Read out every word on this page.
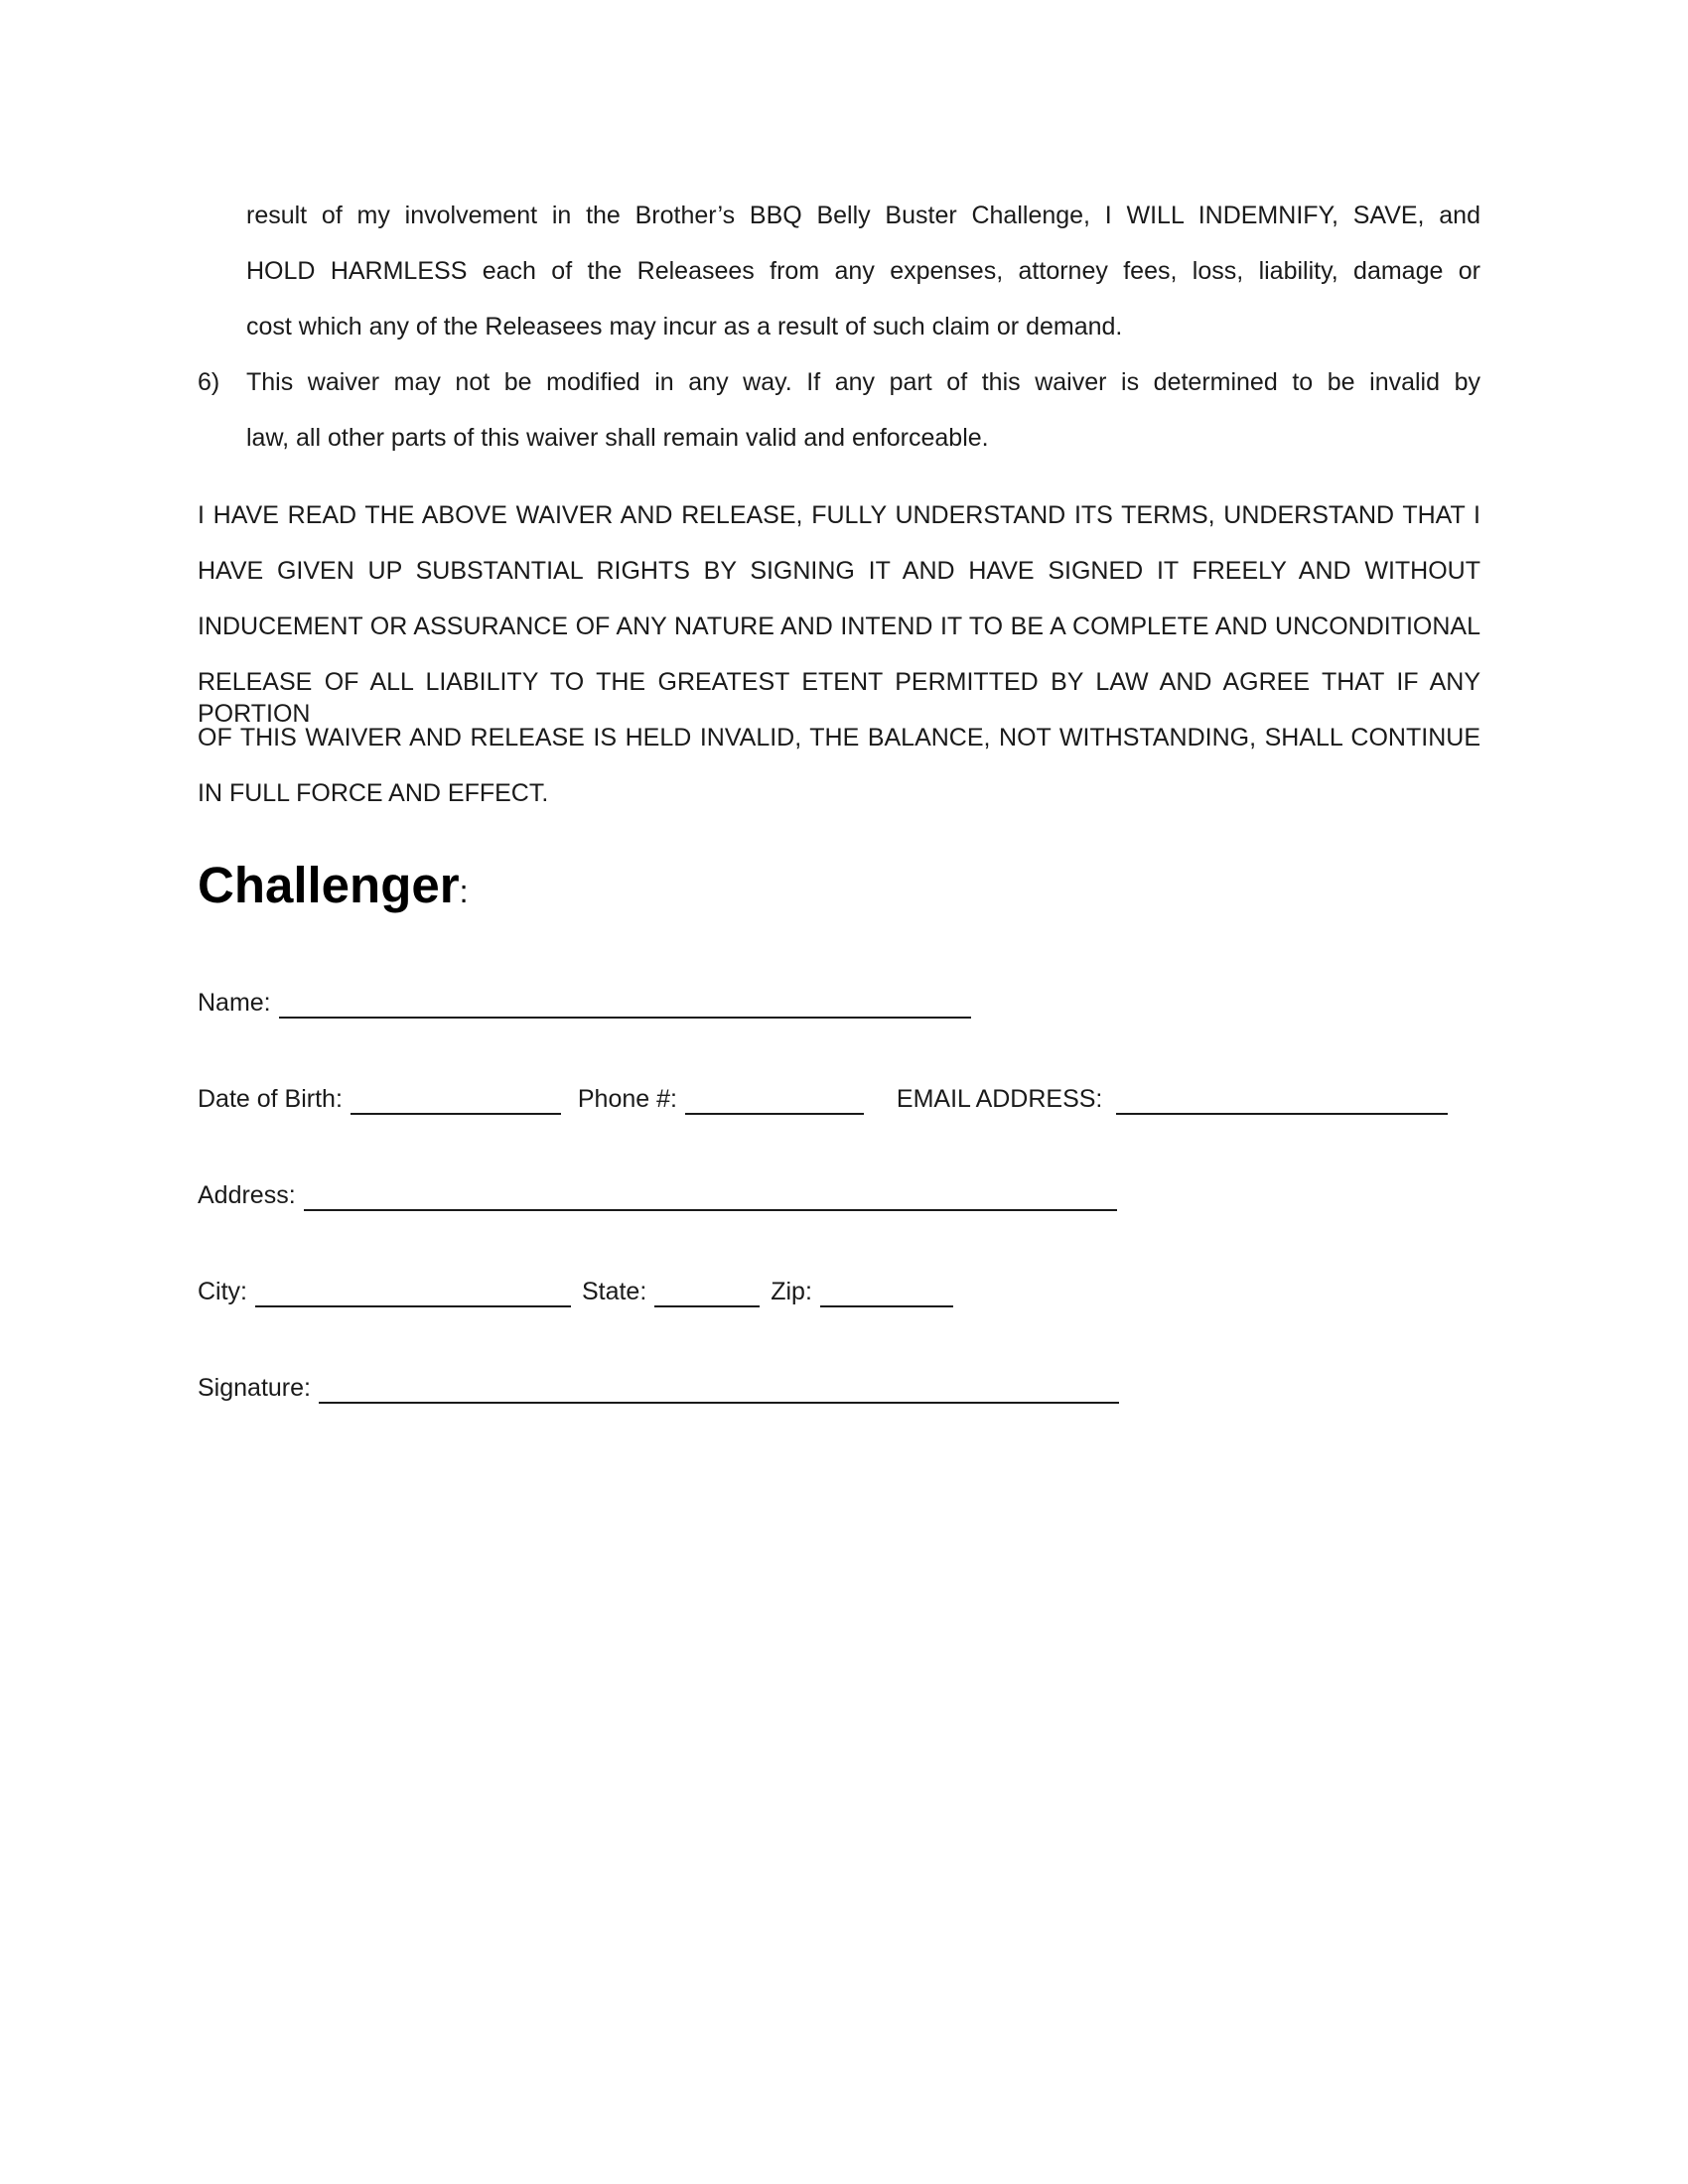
result of my involvement in the Brother’s BBQ Belly Buster Challenge, I WILL INDEMNIFY, SAVE, and
HOLD HARMLESS each of the Releasees from any expenses, attorney fees, loss, liability, damage or
cost which any of the Releasees may incur as a result of such claim or demand.
6) This waiver may not be modified in any way. If any part of this waiver is determined to be invalid by
law, all other parts of this waiver shall remain valid and enforceable.
I HAVE READ THE ABOVE WAIVER AND RELEASE, FULLY UNDERSTAND ITS TERMS, UNDERSTAND THAT I
HAVE GIVEN UP SUBSTANTIAL RIGHTS BY SIGNING IT AND HAVE SIGNED IT FREELY AND WITHOUT
INDUCEMENT OR ASSURANCE OF ANY NATURE AND INTEND IT TO BE A COMPLETE AND UNCONDITIONAL
RELEASE OF ALL LIABILITY TO THE GREATEST ETENT PERMITTED BY LAW AND AGREE THAT IF ANY PORTION
OF THIS WAIVER AND RELEASE IS HELD INVALID, THE BALANCE, NOT WITHSTANDING, SHALL CONTINUE
IN FULL FORCE AND EFFECT.
Challenger:
Name:
Date of Birth:	Phone #:	EMAIL ADDRESS:
Address:
City:	State:	Zip:
Signature:
